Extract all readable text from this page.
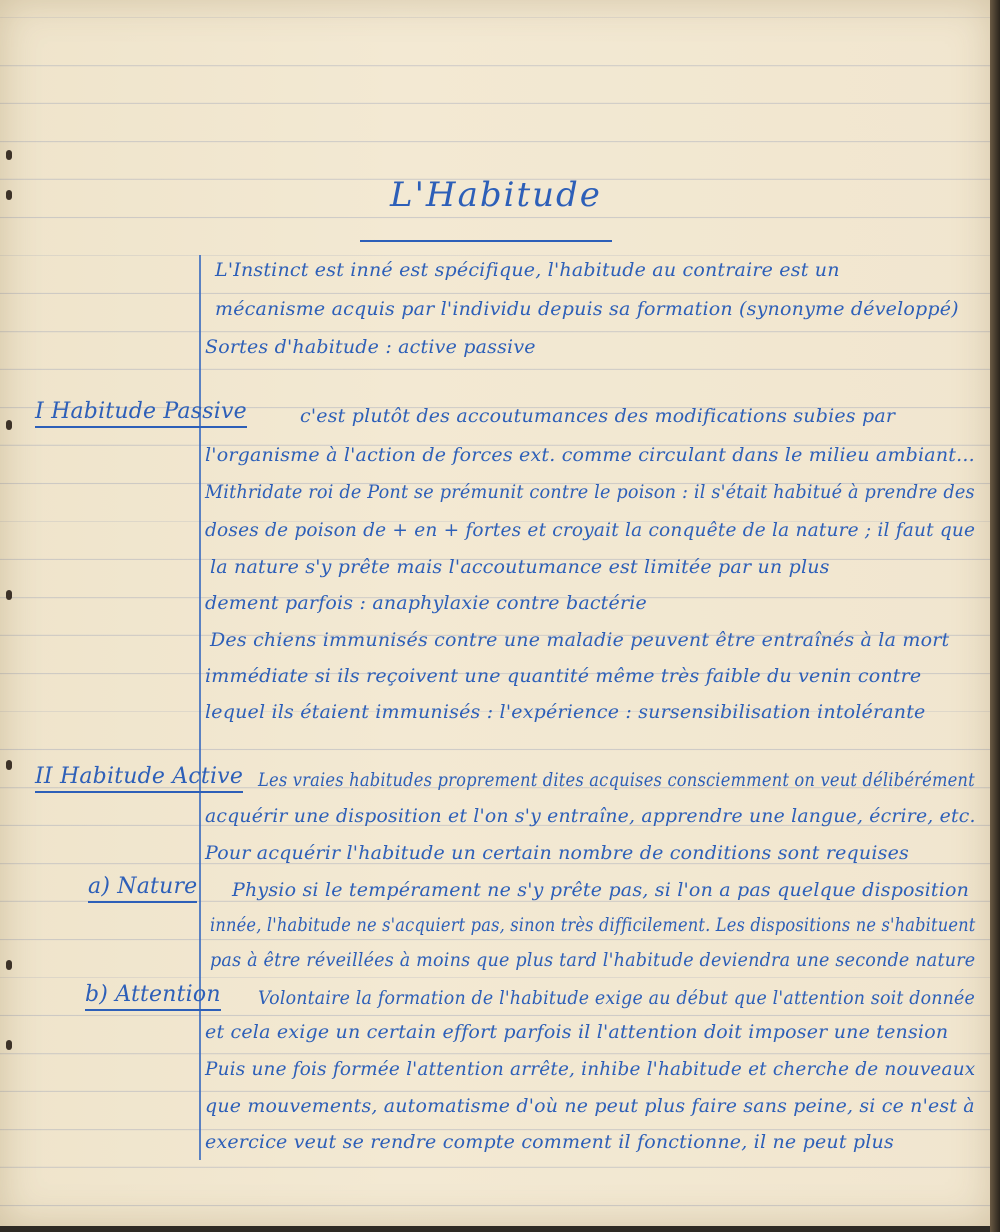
L'Habitude
L'Instinct est inné est spécifique, l'habitude au contraire est un
mécanisme acquis par l'individu depuis sa formation (synonyme développé)
Sortes d'habitude : active passive
I Habitude Passive	c'est plutôt des accoutumances des modifications subies par
l'organisme à l'action de forces ext. comme circulant dans le milieu ambiant...
Mithridate roi de Pont se prémunit contre le poison : il s'était habitué à prendre des
doses de poison de + en + fortes et croyait la conquête de la nature ; il faut que
la nature s'y prête mais l'accoutumance est limitée par un plus
dement parfois : anaphylaxie contre bactérie
Des chiens immunisés contre une maladie peuvent être entraînés à la mort
immédiate si ils reçoivent une quantité même très faible du venin contre
lequel ils étaient immunisés : l'expérience : sursensibilisation intolérante
II Habitude Active Les vraies habitudes proprement dites acquises consciemment on veut délibérément
acquérir une disposition et l'on s'y entraîne, apprendre une langue, écrire, etc.
Pour acquérir l'habitude un certain nombre de conditions sont requises
a) Nature Physio si le tempérament ne s'y prête pas, si l'on a pas quelque disposition
innée, l'habitude ne s'acquiert pas, sinon très difficilement. Les dispositions ne s'habituent
pas à être réveillées à moins que plus tard l'habitude deviendra une seconde nature
b) Attention Volontaire la formation de l'habitude exige au début que l'attention soit donnée
et cela exige un certain effort parfois il l'attention doit imposer une tension
Puis une fois formée l'attention arrête, inhibe l'habitude et cherche de nouveaux
que mouvements, automatisme d'où ne peut plus faire sans peine, si ce n'est à
exercice veut se rendre compte comment il fonctionne, il ne peut plus
